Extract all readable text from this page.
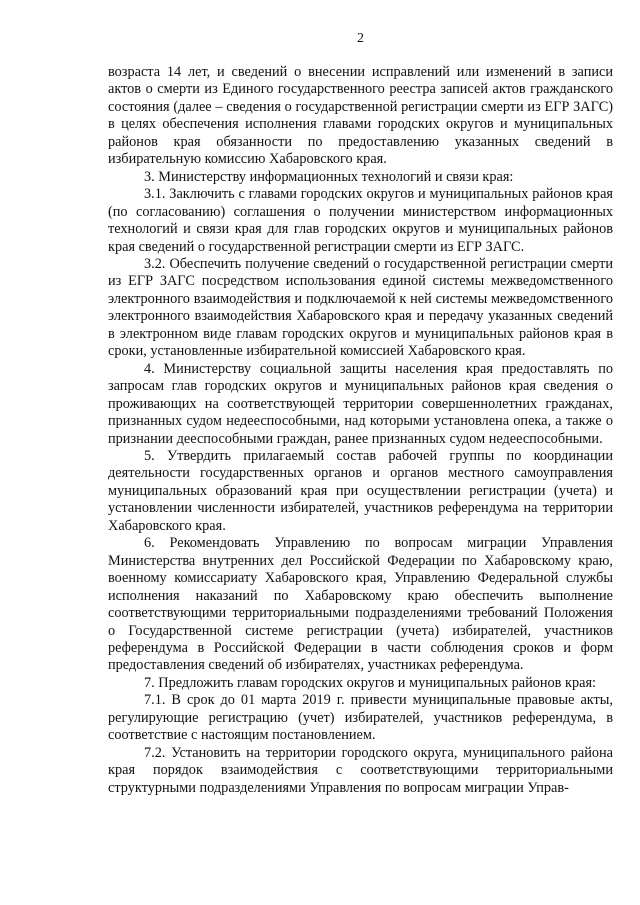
2

возраста 14 лет, и сведений о внесении исправлений или изменений в записи актов о смерти из Единого государственного реестра записей актов гражданского состояния (далее – сведения о государственной регистрации смерти из ЕГР ЗАГС) в целях обеспечения исполнения главами городских округов и муниципальных районов края обязанности по предоставлению указанных сведений в избирательную комиссию Хабаровского края.

3. Министерству информационных технологий и связи края:

3.1. Заключить с главами городских округов и муниципальных районов края (по согласованию) соглашения о получении министерством информационных технологий и связи края для глав городских округов и муниципальных районов края сведений о государственной регистрации смерти из ЕГР ЗАГС.

3.2. Обеспечить получение сведений о государственной регистрации смерти из ЕГР ЗАГС посредством использования единой системы межведомственного электронного взаимодействия и подключаемой к ней системы межведомственного электронного взаимодействия Хабаровского края и передачу указанных сведений в электронном виде главам городских округов и муниципальных районов края в сроки, установленные избирательной комиссией Хабаровского края.

4. Министерству социальной защиты населения края предоставлять по запросам глав городских округов и муниципальных районов края сведения о проживающих на соответствующей территории совершеннолетних гражданах, признанных судом недееспособными, над которыми установлена опека, а также о признании дееспособными граждан, ранее признанных судом недееспособными.

5. Утвердить прилагаемый состав рабочей группы по координации деятельности государственных органов и органов местного самоуправления муниципальных образований края при осуществлении регистрации (учета) и установлении численности избирателей, участников референдума на территории Хабаровского края.

6. Рекомендовать Управлению по вопросам миграции Управления Министерства внутренних дел Российской Федерации по Хабаровскому краю, военному комиссариату Хабаровского края, Управлению Федеральной службы исполнения наказаний по Хабаровскому краю обеспечить выполнение соответствующими территориальными подразделениями требований Положения о Государственной системе регистрации (учета) избирателей, участников референдума в Российской Федерации в части соблюдения сроков и форм предоставления сведений об избирателях, участниках референдума.

7. Предложить главам городских округов и муниципальных районов края:

7.1. В срок до 01 марта 2019 г. привести муниципальные правовые акты, регулирующие регистрацию (учет) избирателей, участников референдума, в соответствие с настоящим постановлением.

7.2. Установить на территории городского округа, муниципального района края порядок взаимодействия с соответствующими территориальными структурными подразделениями Управления по вопросам миграции Управ-
